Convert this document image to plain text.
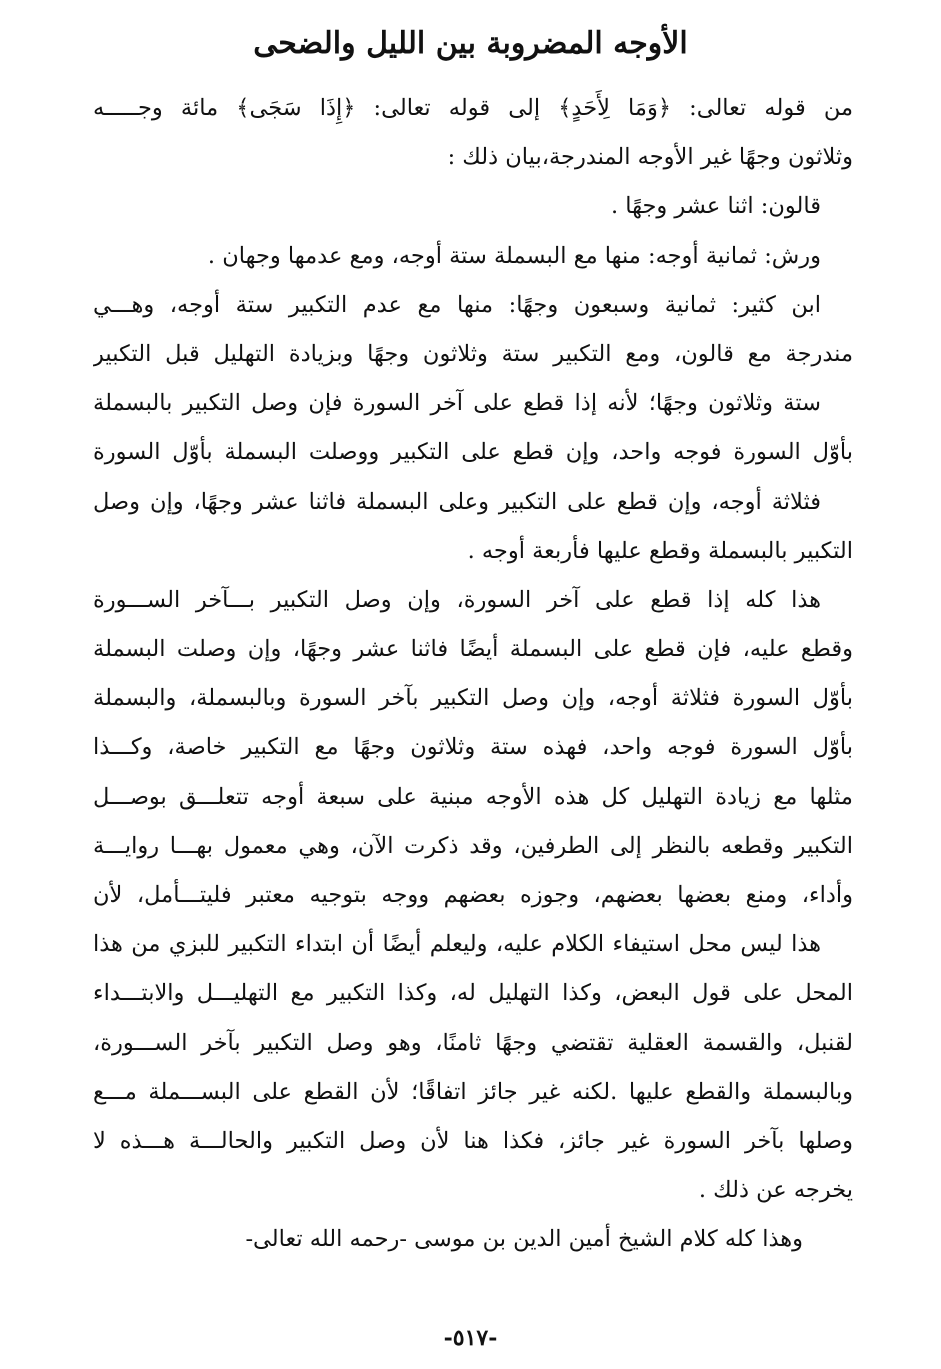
الأوجه المضروبة بين الليل والضحى
من قوله تعالى: ﴿وَمَا لِأَحَدٍ﴾ إلى قوله تعالى: ﴿إِذَا سَجَى﴾ مائة وجـــــه
وثلاثون وجهًا غير الأوجه المندرجة،بيان ذلك :
قالون: اثنا عشر وجهًا .
ورش: ثمانية أوجه: منها مع البسملة ستة أوجه، ومع عدمها وجهان .
ابن كثير: ثمانية وسبعون وجهًا: منها مع عدم التكبير ستة أوجه، وهـــي
مندرجة مع قالون، ومع التكبير ستة وثلاثون وجهًا وبزيادة التهليل قبل التكبير
ستة وثلاثون وجهًا؛ لأنه إذا قطع على آخر السورة فإن وصل التكبير بالبسملة
بأوّل السورة فوجه واحد، وإن قطع على التكبير ووصلت البسملة بأوّل السورة
فثلاثة أوجه، وإن قطع على التكبير وعلى البسملة فاثنا عشر وجهًا، وإن وصل
التكبير بالبسملة وقطع عليها فأربعة أوجه .
هذا كله إذا قطع على آخر السورة، وإن وصل التكبير بـــآخر الســـورة
وقطع عليه، فإن قطع على البسملة أيضًا فاثنا عشر وجهًا، وإن وصلت البسملة
بأوّل السورة فثلاثة أوجه، وإن وصل التكبير بآخر السورة وبالبسملة، والبسملة
بأوّل السورة فوجه واحد، فهذه ستة وثلاثون وجهًا مع التكبير خاصة، وكـــذا
مثلها مع زيادة التهليل كل هذه الأوجه مبنية على سبعة أوجه تتعلـــق بوصـــل
التكبير وقطعه بالنظر إلى الطرفين، وقد ذكرت الآن، وهي معمول بهـــا روايـــة
وأداء، ومنع بعضها بعضهم، وجوزه بعضهم ووجه بتوجيه معتبر فليتـــأمل، لأن
هذا ليس محل استيفاء الكلام عليه، وليعلم أيضًا أن ابتداء التكبير للبزي من هذا
المحل على قول البعض، وكذا التهليل له، وكذا التكبير مع التهليـــل والابتـــداء
لقنبل، والقسمة العقلية تقتضي وجهًا ثامنًا، وهو وصل التكبير بآخر الســـورة،
وبالبسملة والقطع عليها .لكنه غير جائز اتفاقًا؛ لأن القطع على البســـملة مـــع
وصلها بآخر السورة غير جائز، فكذا هنا لأن وصل التكبير والحالـــة هـــذه لا
يخرجه عن ذلك .
وهذا كله كلام الشيخ أمين الدين بن موسى -رحمه الله تعالى-
-٥١٧-
